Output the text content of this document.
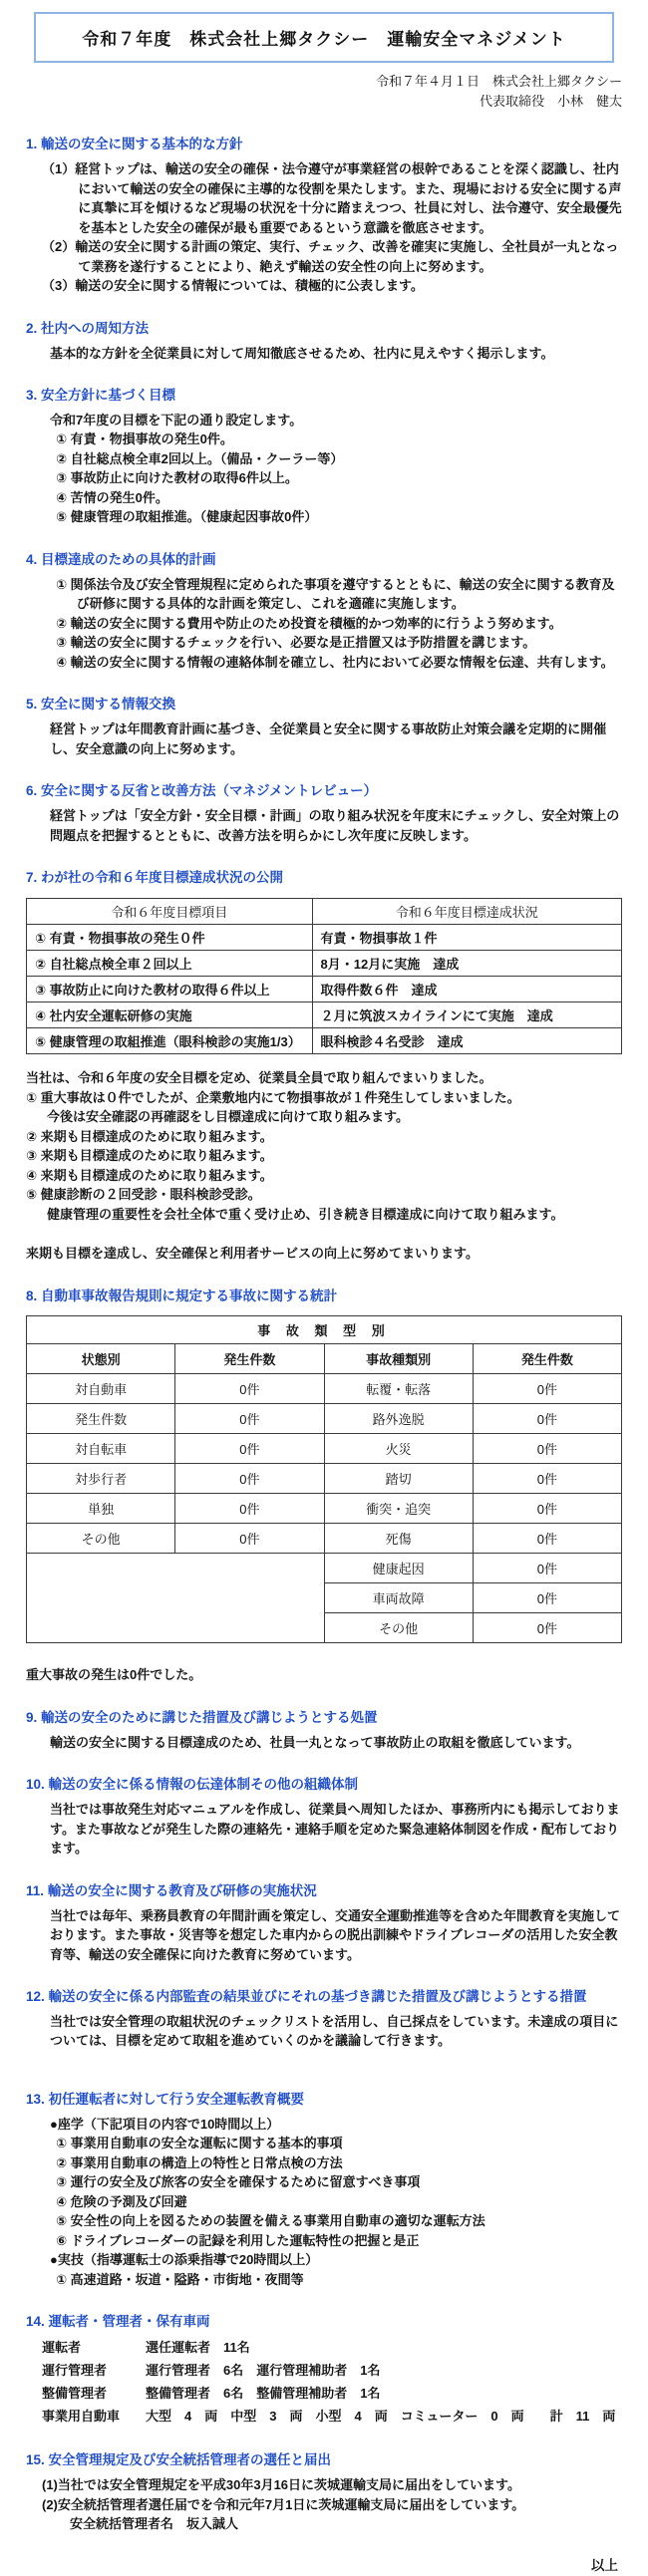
令和７年度　株式会社上郷タクシー　運輸安全マネジメント
令和７年４月１日　株式会社上郷タクシー
代表取締役　小林　健太

1. 輸送の安全に関する基本的な方針

（1）経営トップは、輸送の安全の確保・法令遵守が事業経営の根幹であることを深く認識し、社内において輸送の安全の確保に主導的な役割を果たします。また、現場における安全に関する声に真摯に耳を傾けるなど現場の状況を十分に踏まえつつ、社員に対し、法令遵守、安全最優先を基本とした安全の確保が最も重要であるという意識を徹底させます。

（2）輸送の安全に関する計画の策定、実行、チェック、改善を確実に実施し、全社員が一丸となって業務を遂行することにより、絶えず輸送の安全性の向上に努めます。

（3）輸送の安全に関する情報については、積極的に公表します。

2. 社内への周知方法

基本的な方針を全従業員に対して周知徹底させるため、社内に見えやすく掲示します。

3. 安全方針に基づく目標

令和7年度の目標を下記の通り設定します。

① 有責・物損事故の発生0件。

② 自社総点検全車2回以上。（備品・クーラー等）

③ 事故防止に向けた教材の取得6件以上。

④ 苦情の発生0件。

⑤ 健康管理の取組推進。（健康起因事故0件）

4. 目標達成のための具体的計画

① 関係法令及び安全管理規程に定められた事項を遵守するとともに、輸送の安全に関する教育及び研修に関する具体的な計画を策定し、これを適確に実施します。

② 輸送の安全に関する費用や防止のため投資を積極的かつ効率的に行うよう努めます。

③ 輸送の安全に関するチェックを行い、必要な是正措置又は予防措置を講じます。

④ 輸送の安全に関する情報の連絡体制を確立し、社内において必要な情報を伝達、共有します。

5. 安全に関する情報交換

経営トップは年間教育計画に基づき、全従業員と安全に関する事故防止対策会議を定期的に開催し、安全意識の向上に努めます。

6. 安全に関する反省と改善方法（マネジメントレビュー）

経営トップは「安全方針・安全目標・計画」の取り組み状況を年度末にチェックし、安全対策上の問題点を把握するとともに、改善方法を明らかにし次年度に反映します。

7. わが社の令和６年度目標達成状況の公開

令和６年度目標項目	令和６年度目標達成状況
① 有責・物損事故の発生０件	有責・物損事故１件
② 自社総点検全車２回以上	8月・12月に実施　達成
③ 事故防止に向けた教材の取得６件以上	取得件数６件　達成
④ 社内安全運転研修の実施	２月に筑波スカイラインにて実施　達成
⑤ 健康管理の取組推進（眼科検診の実施1/3）	眼科検診４名受診　達成

当社は、令和６年度の安全目標を定め、従業員全員で取り組んでまいりました。

① 重大事故は０件でしたが、企業敷地内にて物損事故が１件発生してしまいました。

今後は安全確認の再確認をし目標達成に向けて取り組みます。

② 来期も目標達成のために取り組みます。

③ 来期も目標達成のために取り組みます。

④ 来期も目標達成のために取り組みます。

⑤ 健康診断の２回受診・眼科検診受診。

健康管理の重要性を会社全体で重く受け止め、引き続き目標達成に向けて取り組みます。

来期も目標を達成し、安全確保と利用者サービスの向上に努めてまいります。

8. 自動車事故報告規則に規定する事故に関する統計

事 故 類 型 別			
状態別	発生件数	事故種類別	発生件数
対自動車	0件	転覆・転落	0件
発生件数	0件	路外逸脱	0件
対自転車	0件	火災	0件
対歩行者	0件	踏切	0件
単独	0件	衝突・追突	0件
その他	0件	死傷	0件
		健康起因	0件
		車両故障	0件
		その他	0件

重大事故の発生は0件でした。

9. 輸送の安全のために講じた措置及び講じようとする処置

輸送の安全に関する目標達成のため、社員一丸となって事故防止の取組を徹底しています。

10. 輸送の安全に係る情報の伝達体制その他の組織体制

当社では事故発生対応マニュアルを作成し、従業員へ周知したほか、事務所内にも掲示しております。また事故などが発生した際の連絡先・連絡手順を定めた緊急連絡体制図を作成・配布しております。

11. 輸送の安全に関する教育及び研修の実施状況

当社では毎年、乗務員教育の年間計画を策定し、交通安全運動推進等を含めた年間教育を実施しております。また事故・災害等を想定した車内からの脱出訓練やドライブレコーダの活用した安全教育等、輸送の安全確保に向けた教育に努めています。

12. 輸送の安全に係る内部監査の結果並びにそれの基づき講じた措置及び講じようとする措置

当社では安全管理の取組状況のチェックリストを活用し、自己採点をしています。未達成の項目については、目標を定めて取組を進めていくのかを議論して行きます。

13. 初任運転者に対して行う安全運転教育概要

●座学（下記項目の内容で10時間以上）

① 事業用自動車の安全な運転に関する基本的事項

② 事業用自動車の構造上の特性と日常点検の方法

③ 運行の安全及び旅客の安全を確保するために留意すべき事項

④ 危険の予測及び回避

⑤ 安全性の向上を図るための装置を備える事業用自動車の適切な運転方法

⑥ ドライブレコーダーの記録を利用した運転特性の把握と是正

●実技（指導運転士の添乗指導で20時間以上）

① 高速道路・坂道・隘路・市街地・夜間等

14. 運転者・管理者・保有車両

運転者	選任運転者　11名
運行管理者	運行管理者　6名　運行管理補助者　1名
整備管理者	整備管理者　6名　整備管理補助者　1名
事業用自動車	大型　4　両　中型　3　両　小型　4　両　コミューター　0　両　　計　11　両

15. 安全管理規定及び安全統括管理者の選任と届出

(1)当社では安全管理規定を平成30年3月16日に茨城運輸支局に届出をしています。

(2)安全統括管理者選任届でを令和元年7月1日に茨城運輸支局に届出をしています。

安全統括管理者名　坂入誠人

以上
